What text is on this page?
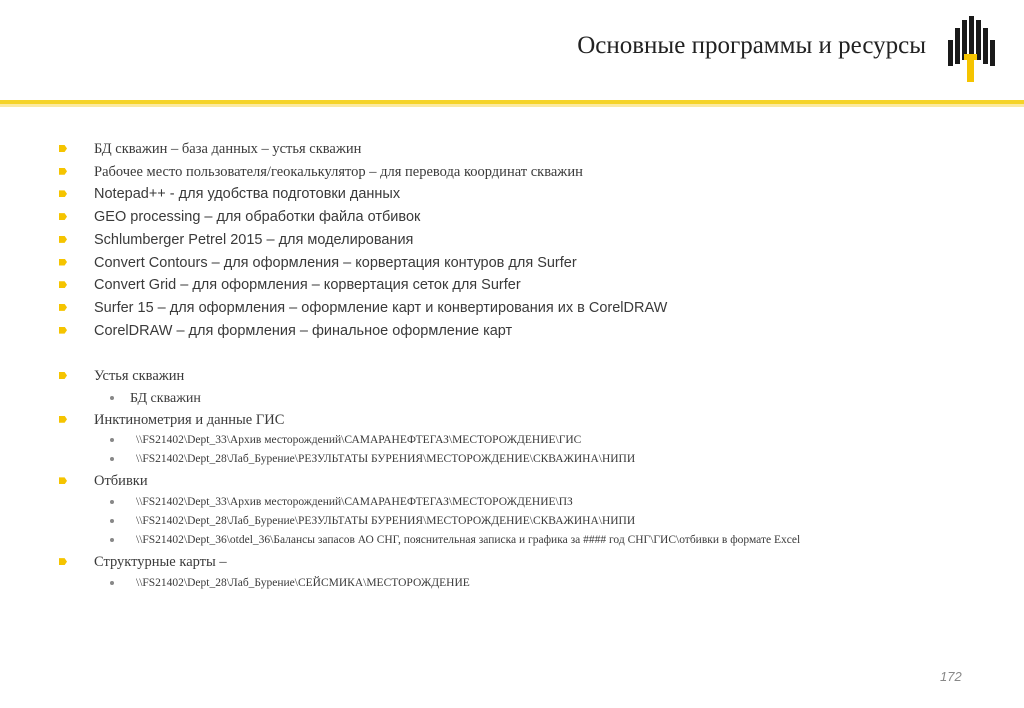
Основные программы и ресурсы
БД скважин – база данных – устья скважин
Рабочее место пользователя/геокалькулятор – для перевода координат скважин
Notepad++ - для удобства подготовки данных
GEO processing – для обработки файла отбивок
Schlumberger Petrel 2015 – для моделирования
Convert Contours – для оформления – корвертация контуров для Surfer
Convert Grid – для оформления – корвертация сеток для Surfer
Surfer 15 – для оформления – оформление карт и конвертирования их в CorelDRAW
CorelDRAW – для формления – финальное оформление карт
Устья скважин
БД скважин
Инктинометрия и данные ГИС
\\FS21402\Dept_33\Архив месторождений\САМАРАНЕФТЕГАЗ\МЕСТОРОЖДЕНИЕ\ГИС
\\FS21402\Dept_28\Лаб_Бурение\РЕЗУЛЬТАТЫ БУРЕНИЯ\МЕСТОРОЖДЕНИЕ\СКВАЖИНА\НИПИ
Отбивки
\\FS21402\Dept_33\Архив месторождений\САМАРАНЕФТЕГАЗ\МЕСТОРОЖДЕНИЕ\ПЗ
\\FS21402\Dept_28\Лаб_Бурение\РЕЗУЛЬТАТЫ БУРЕНИЯ\МЕСТОРОЖДЕНИЕ\СКВАЖИНА\НИПИ
\\FS21402\Dept_36\otdel_36\Балансы запасов АО СНГ, пояснительная записка и графика за #### год СНГ\ГИС\отбивки в формате Excel
Структурные карты –
\\FS21402\Dept_28\Лаб_Бурение\СЕЙСМИКА\МЕСТОРОЖДЕНИЕ
172
